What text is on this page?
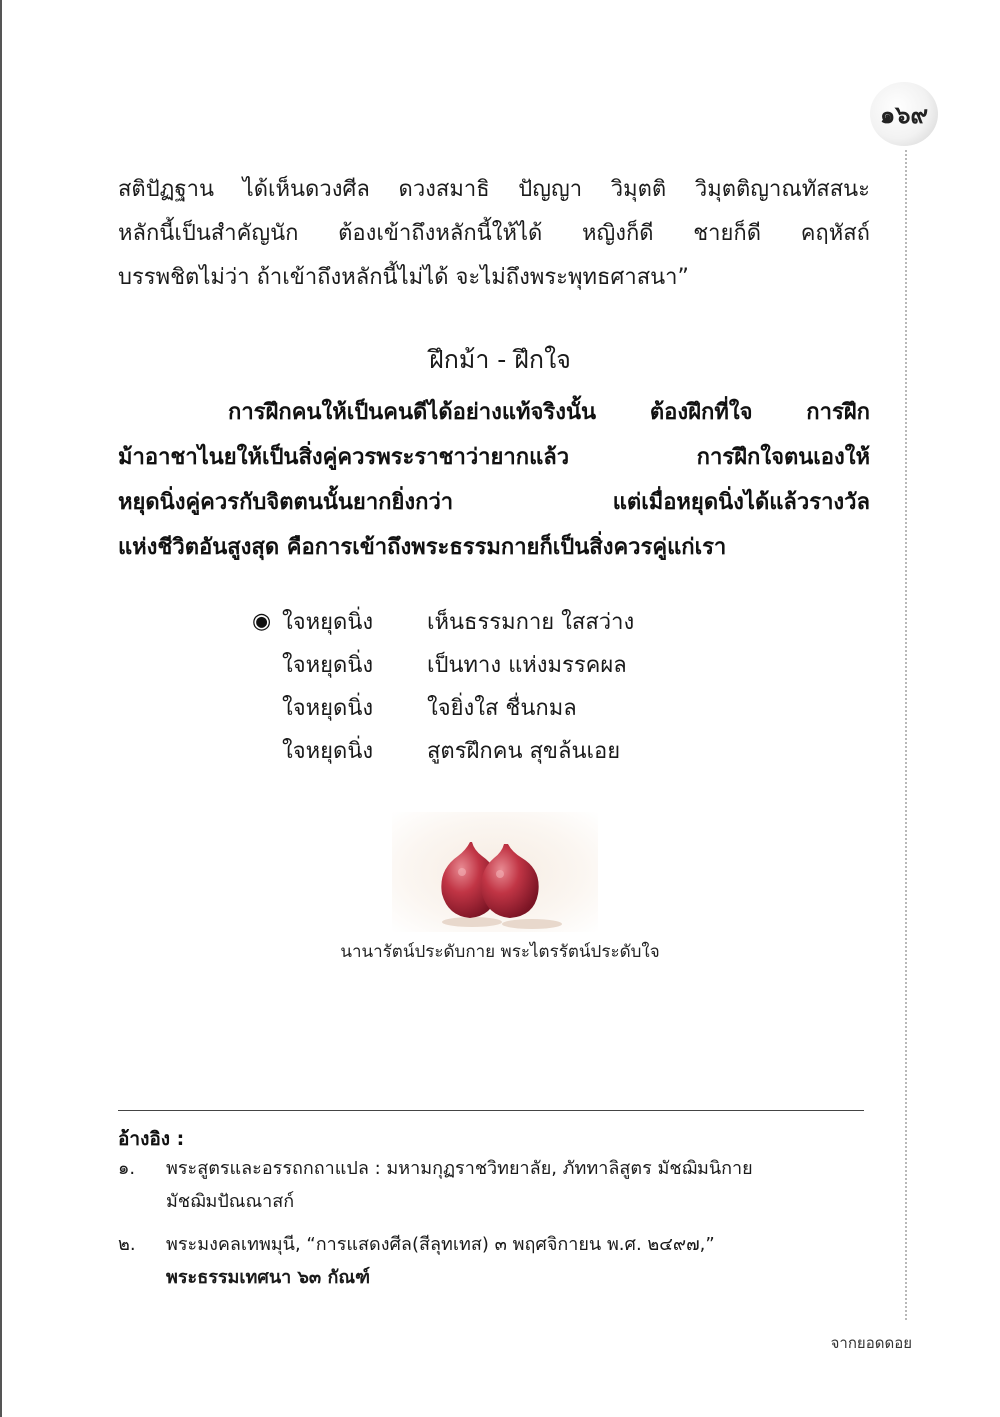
๑๖๙
สติปัฏฐาน ได้เห็นดวงศีล ดวงสมาธิ ปัญญา วิมุตติ วิมุตติญาณทัสสนะ
หลักนี้เป็นสำคัญนัก ต้องเข้าถึงหลักนี้ให้ได้ หญิงก็ดี ชายก็ดี คฤหัสถ์
บรรพชิตไม่ว่า ถ้าเข้าถึงหลักนี้ไม่ได้ จะไม่ถึงพระพุทธศาสนา”
ฝึกม้า - ฝึกใจ
การฝึกคนให้เป็นคนดีได้อย่างแท้จริงนั้น ต้องฝึกที่ใจ การฝึก
ม้าอาชาไนยให้เป็นสิ่งคู่ควรพระราชาว่ายากแล้ว การฝึกใจตนเองให้
หยุดนิ่งคู่ควรกับจิตตนนั้นยากยิ่งกว่า แต่เมื่อหยุดนิ่งได้แล้วรางวัล
แห่งชีวิตอันสูงสุด คือการเข้าถึงพระธรรมกายก็เป็นสิ่งควรคู่แก่เรา
◉ ใจหยุดนิ่ง	เห็นธรรมกาย ใสสว่าง
ใจหยุดนิ่ง	เป็นทาง แห่งมรรคผล
ใจหยุดนิ่ง	ใจยิ่งใส ชื่นกมล
ใจหยุดนิ่ง	สูตรฝึกคน สุขล้นเอย
นานารัตน์ประดับกาย พระไตรรัตน์ประดับใจ
อ้างอิง :
๑. พระสูตรและอรรถกถาแปล : มหามกุฏราชวิทยาลัย, ภัททาลิสูตร มัชฌิมนิกาย
มัชฌิมปัณณาสก์
๒. พระมงคลเทพมุนี, “การแสดงศีล(สีลุทเทส) ๓ พฤศจิกายน พ.ศ. ๒๔๙๗,”
พระธรรมเทศนา ๖๓ กัณฑ์
จากยอดดอย
